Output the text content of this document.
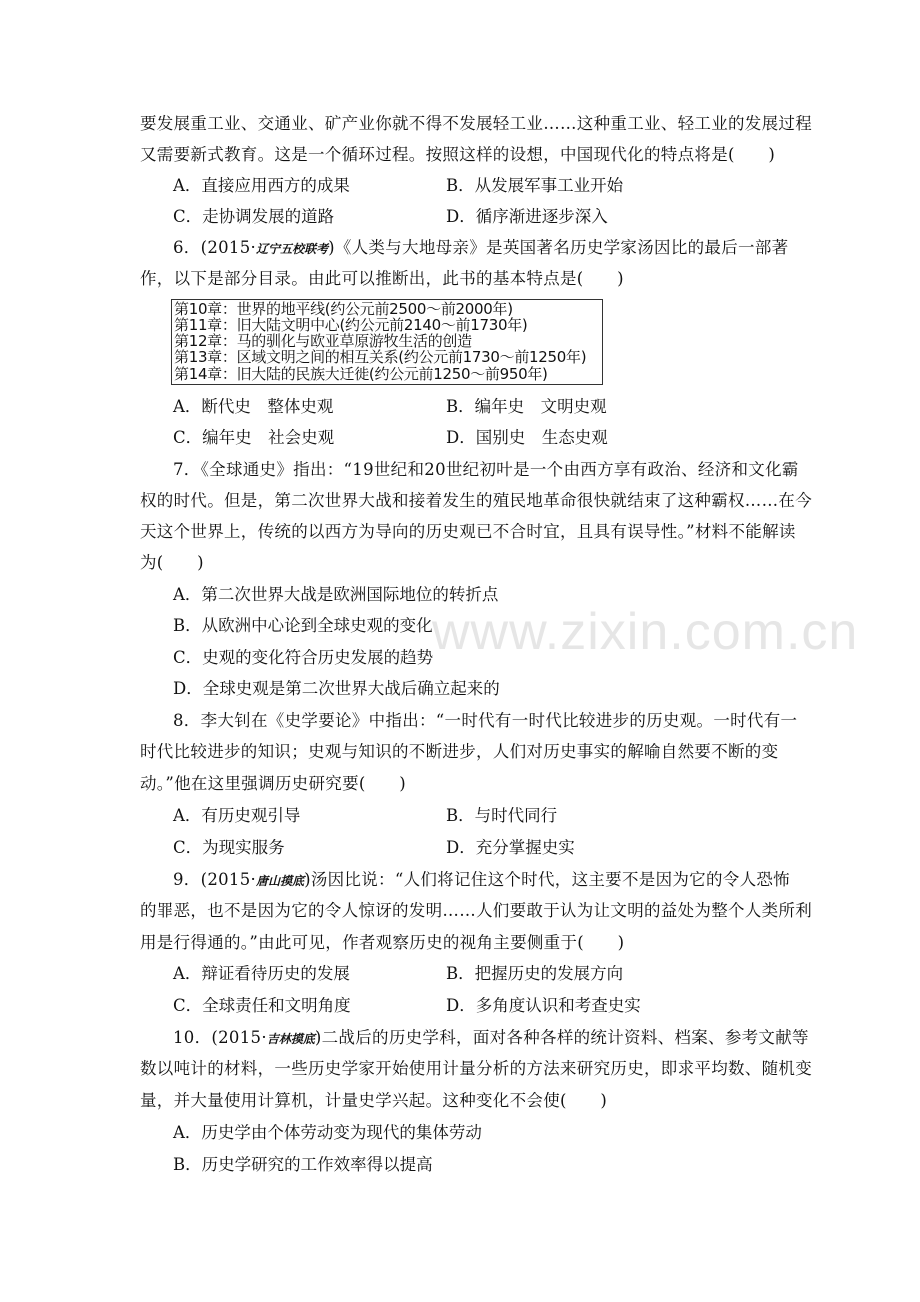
要发展重工业、交通业、矿产业你就不得不发展轻工业……这种重工业、轻工业的发展过程
又需要新式教育。这是一个循环过程。按照这样的设想，中国现代化的特点将是(　　)
A．直接应用西方的成果	B．从发展军事工业开始
C．走协调发展的道路	D．循序渐进逐步深入
6．(2015·辽宁五校联考)《人类与大地母亲》是英国著名历史学家汤因比的最后一部著
作，以下是部分目录。由此可以推断出，此书的基本特点是(　　)
第10章：世界的地平线(约公元前2500～前2000年)
第11章：旧大陆文明中心(约公元前2140～前1730年)
第12章：马的驯化与欧亚草原游牧生活的创造
第13章：区域文明之间的相互关系(约公元前1730～前1250年)
第14章：旧大陆的民族大迁徙(约公元前1250～前950年)
A．断代史　整体史观	B．编年史　文明史观
C．编年史　社会史观	D．国别史　生态史观
7．《全球通史》指出：“19世纪和20世纪初叶是一个由西方享有政治、经济和文化霸
权的时代。但是，第二次世界大战和接着发生的殖民地革命很快就结束了这种霸权……在今
天这个世界上，传统的以西方为导向的历史观已不合时宜，且具有误导性。”材料不能解读
为(　　)
A．第二次世界大战是欧洲国际地位的转折点
B．从欧洲中心论到全球史观的变化
C．史观的变化符合历史发展的趋势
D．全球史观是第二次世界大战后确立起来的
8．李大钊在《史学要论》中指出：“一时代有一时代比较进步的历史观。一时代有一
时代比较进步的知识；史观与知识的不断进步，人们对历史事实的解喻自然要不断的变
动。”他在这里强调历史研究要(　　)
A．有历史观引导	B．与时代同行
C．为现实服务	D．充分掌握史实
9．(2015·唐山摸底)汤因比说：“人们将记住这个时代，这主要不是因为它的令人恐怖
的罪恶，也不是因为它的令人惊讶的发明……人们要敢于认为让文明的益处为整个人类所利
用是行得通的。”由此可见，作者观察历史的视角主要侧重于(　　)
A．辩证看待历史的发展	B．把握历史的发展方向
C．全球责任和文明角度	D．多角度认识和考查史实
10．(2015·吉林摸底)二战后的历史学科，面对各种各样的统计资料、档案、参考文献等
数以吨计的材料，一些历史学家开始使用计量分析的方法来研究历史，即求平均数、随机变
量，并大量使用计算机，计量史学兴起。这种变化不会使(　　)
A．历史学由个体劳动变为现代的集体劳动
B．历史学研究的工作效率得以提高
www.zixin.com.cn
